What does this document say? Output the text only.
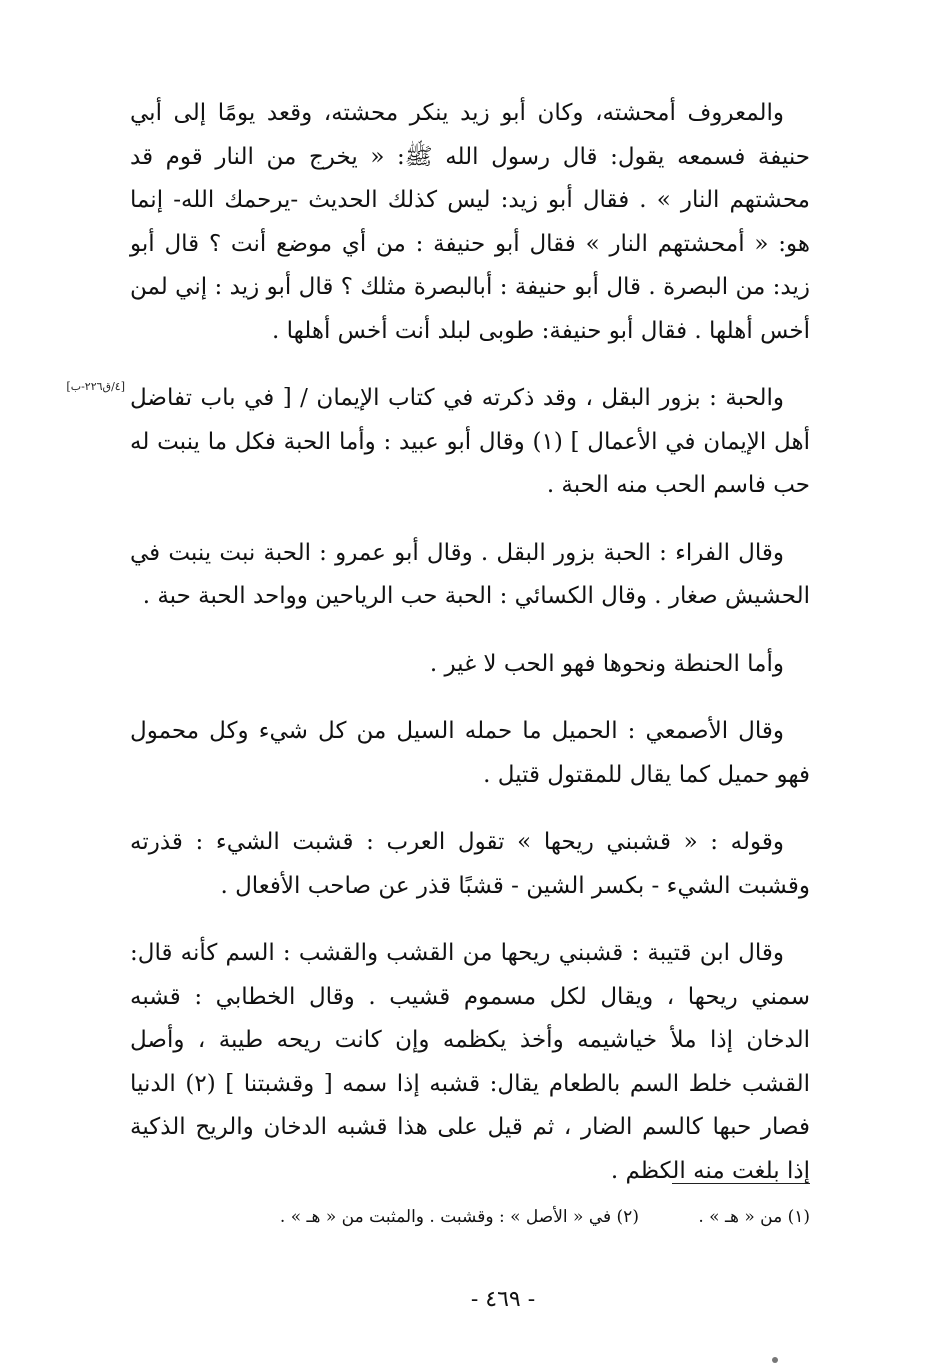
والمعروف أمحشته، وكان أبو زيد ينكر محشته، وقعد يومًا إلى أبي حنيفة فسمعه يقول: قال رسول الله ﷺ: « يخرج من النار قوم قد محشتهم النار » . فقال أبو زيد: ليس كذلك الحديث -يرحمك الله- إنما هو: « أمحشتهم النار » فقال أبو حنيفة : من أي موضع أنت ؟ قال أبو زيد: من البصرة . قال أبو حنيفة : أبالبصرة مثلك ؟ قال أبو زيد : إني لمن أخس أهلها . فقال أبو حنيفة: طوبى لبلد أنت أخس أهلها .

والحبة : بزور البقل ، وقد ذكرته في كتاب الإيمان / [ في باب تفاضل أهل الإيمان في الأعمال ] (١) وقال أبو عبيد : وأما الحبة فكل ما ينبت له حب فاسم الحب منه الحبة .

وقال الفراء : الحبة بزور البقل . وقال أبو عمرو : الحبة نبت ينبت في الحشيش صغار . وقال الكسائي : الحبة حب الرياحين وواحد الحبة حبة .

وأما الحنطة ونحوها فهو الحب لا غير .

وقال الأصمعي : الحميل ما حمله السيل من كل شيء وكل محمول فهو حميل كما يقال للمقتول قتيل .

وقوله : « قشبني ريحها » تقول العرب : قشبت الشيء : قذرته وقشبت الشيء - بكسر الشين - قشبًا قذر عن صاحب الأفعال .

وقال ابن قتيبة : قشبني ريحها من القشب والقشب : السم كأنه قال: سمني ريحها ، ويقال لكل مسموم قشيب . وقال الخطابي : قشبه الدخان إذا ملأ خياشيمه وأخذ يكظمه وإن كانت ريحه طيبة ، وأصل القشب خلط السم بالطعام يقال: قشبه إذا سمه [ وقشبتنا ] (٢) الدنيا فصار حبها كالسم الضار ، ثم قيل على هذا قشبه الدخان والريح الذكية إذا بلغت منه الكظم .

[٤/ق٢٢٦-ب]
(١) من « هـ » . (٢) في « الأصل » : وقشبت . والمثبت من « هـ » .
- ٤٦٩ -
